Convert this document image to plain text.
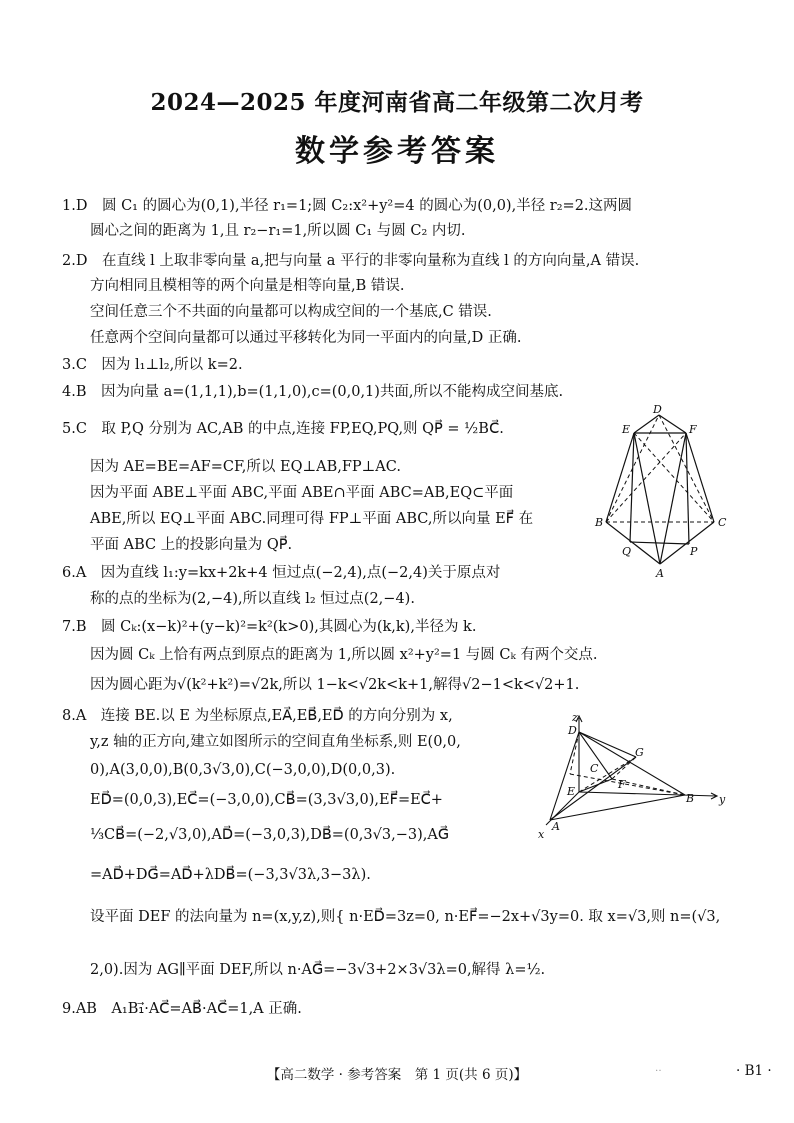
2024—2025 年度河南省高二年级第二次月考
数学参考答案
1.D　圆 C₁ 的圆心为(0,1),半径 r₁=1;圆 C₂:x²+y²=4 的圆心为(0,0),半径 r₂=2.这两圆
圆心之间的距离为 1,且 r₂−r₁=1,所以圆 C₁ 与圆 C₂ 内切.
2.D　在直线 l 上取非零向量 a,把与向量 a 平行的非零向量称为直线 l 的方向向量,A 错误.
方向相同且模相等的两个向量是相等向量,B 错误.
空间任意三个不共面的向量都可以构成空间的一个基底,C 错误.
任意两个空间向量都可以通过平移转化为同一平面内的向量,D 正确.
3.C　因为 l₁⊥l₂,所以 k=2.
4.B　因为向量 a=(1,1,1),b=(1,1,0),c=(0,0,1)共面,所以不能构成空间基底.
5.C　取 P,Q 分别为 AC,AB 的中点,连接 FP,EQ,PQ,则 QP⃗ = ½BC⃗.
因为 AE=BE=AF=CF,所以 EQ⊥AB,FP⊥AC.
因为平面 ABE⊥平面 ABC,平面 ABE∩平面 ABC=AB,EQ⊂平面
ABE,所以 EQ⊥平面 ABC.同理可得 FP⊥平面 ABC,所以向量 EF⃗ 在
平面 ABC 上的投影向量为 QP⃗.
6.A　因为直线 l₁:y=kx+2k+4 恒过点(−2,4),点(−2,4)关于原点对
称的点的坐标为(2,−4),所以直线 l₂ 恒过点(2,−4).
7.B　圆 Cₖ:(x−k)²+(y−k)²=k²(k>0),其圆心为(k,k),半径为 k.
因为圆 Cₖ 上恰有两点到原点的距离为 1,所以圆 x²+y²=1 与圆 Cₖ 有两个交点.
因为圆心距为√(k²+k²)=√2k,所以 1−k<√2k<k+1,解得√2−1<k<√2+1.
8.A　连接 BE.以 E 为坐标原点,EA⃗,EB⃗,ED⃗ 的方向分别为 x,
y,z 轴的正方向,建立如图所示的空间直角坐标系,则 E(0,0,
0),A(3,0,0),B(0,3√3,0),C(−3,0,0),D(0,0,3).
ED⃗=(0,0,3),EC⃗=(−3,0,0),CB⃗=(3,3√3,0),EF⃗=EC⃗+
⅓CB⃗=(−2,√3,0),AD⃗=(−3,0,3),DB⃗=(0,3√3,−3),AG⃗
=AD⃗+DG⃗=AD⃗+λDB⃗=(−3,3√3λ,3−3λ).
设平面 DEF 的法向量为 n=(x,y,z),则{ n·ED⃗=3z=0, n·EF⃗=−2x+√3y=0. 取 x=√3,则 n=(√3,
2,0).因为 AG∥平面 DEF,所以 n·AG⃗=−3√3+2×3√3λ=0,解得 λ=½.
9.AB　A₁B₁⃗·AC⃗=AB⃗·AC⃗=1,A 正确.
D
E	F
B	C
Q	P
A
z
D
G
C
E
F
B y
A
x
【高二数学 · 参考答案　第 1 页(共 6 页)】	‥	· B1 ·
